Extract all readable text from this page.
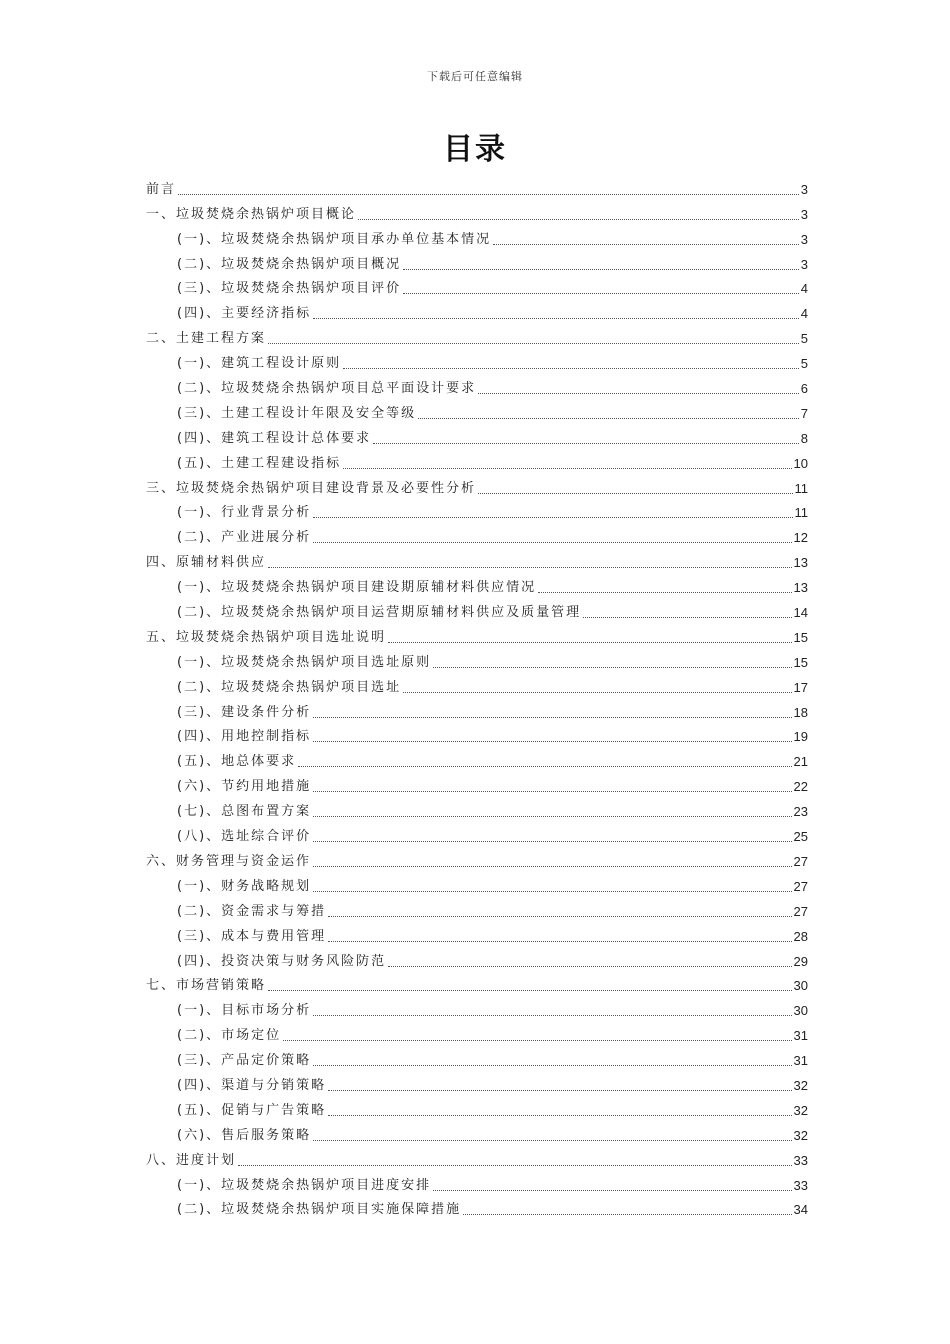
下载后可任意编辑
目录
前言	3
一、垃圾焚烧余热锅炉项目概论	3
(一)、垃圾焚烧余热锅炉项目承办单位基本情况	3
(二)、垃圾焚烧余热锅炉项目概况	3
(三)、垃圾焚烧余热锅炉项目评价	4
(四)、主要经济指标	4
二、土建工程方案	5
(一)、建筑工程设计原则	5
(二)、垃圾焚烧余热锅炉项目总平面设计要求	6
(三)、土建工程设计年限及安全等级	7
(四)、建筑工程设计总体要求	8
(五)、土建工程建设指标	10
三、垃圾焚烧余热锅炉项目建设背景及必要性分析	11
(一)、行业背景分析	11
(二)、产业进展分析	12
四、原辅材料供应	13
(一)、垃圾焚烧余热锅炉项目建设期原辅材料供应情况	13
(二)、垃圾焚烧余热锅炉项目运营期原辅材料供应及质量管理	14
五、垃圾焚烧余热锅炉项目选址说明	15
(一)、垃圾焚烧余热锅炉项目选址原则	15
(二)、垃圾焚烧余热锅炉项目选址	17
(三)、建设条件分析	18
(四)、用地控制指标	19
(五)、地总体要求	21
(六)、节约用地措施	22
(七)、总图布置方案	23
(八)、选址综合评价	25
六、财务管理与资金运作	27
(一)、财务战略规划	27
(二)、资金需求与筹措	27
(三)、成本与费用管理	28
(四)、投资决策与财务风险防范	29
七、市场营销策略	30
(一)、目标市场分析	30
(二)、市场定位	31
(三)、产品定价策略	31
(四)、渠道与分销策略	32
(五)、促销与广告策略	32
(六)、售后服务策略	32
八、进度计划	33
(一)、垃圾焚烧余热锅炉项目进度安排	33
(二)、垃圾焚烧余热锅炉项目实施保障措施	34
